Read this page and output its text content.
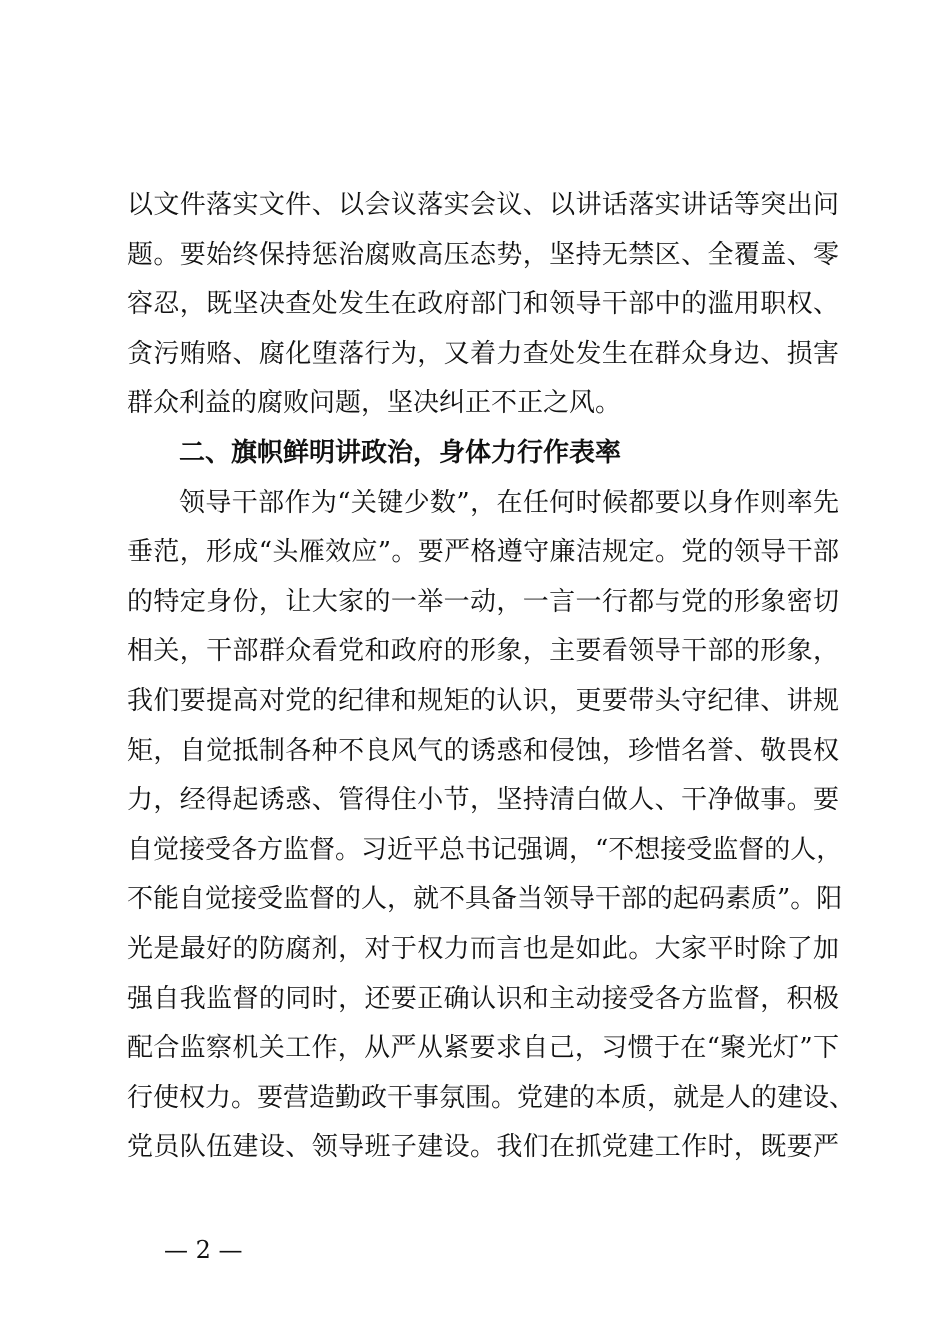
以文件落实文件、以会议落实会议、以讲话落实讲话等突出问
题。要始终保持惩治腐败高压态势，坚持无禁区、全覆盖、零
容忍，既坚决查处发生在政府部门和领导干部中的滥用职权、
贪污贿赂、腐化堕落行为，又着力查处发生在群众身边、损害
群众利益的腐败问题，坚决纠正不正之风。
二、旗帜鲜明讲政治，身体力行作表率
领导干部作为“关键少数”，在任何时候都要以身作则率先
垂范，形成“头雁效应”。要严格遵守廉洁规定。党的领导干部
的特定身份，让大家的一举一动，一言一行都与党的形象密切
相关，干部群众看党和政府的形象，主要看领导干部的形象，
我们要提高对党的纪律和规矩的认识，更要带头守纪律、讲规
矩，自觉抵制各种不良风气的诱惑和侵蚀，珍惜名誉、敬畏权
力，经得起诱惑、管得住小节，坚持清白做人、干净做事。要
自觉接受各方监督。习近平总书记强调，“不想接受监督的人，
不能自觉接受监督的人，就不具备当领导干部的起码素质”。阳
光是最好的防腐剂，对于权力而言也是如此。大家平时除了加
强自我监督的同时，还要正确认识和主动接受各方监督，积极
配合监察机关工作，从严从紧要求自己，习惯于在“聚光灯”下
行使权力。要营造勤政干事氛围。党建的本质，就是人的建设、
党员队伍建设、领导班子建设。我们在抓党建工作时，既要严
— 2 —
